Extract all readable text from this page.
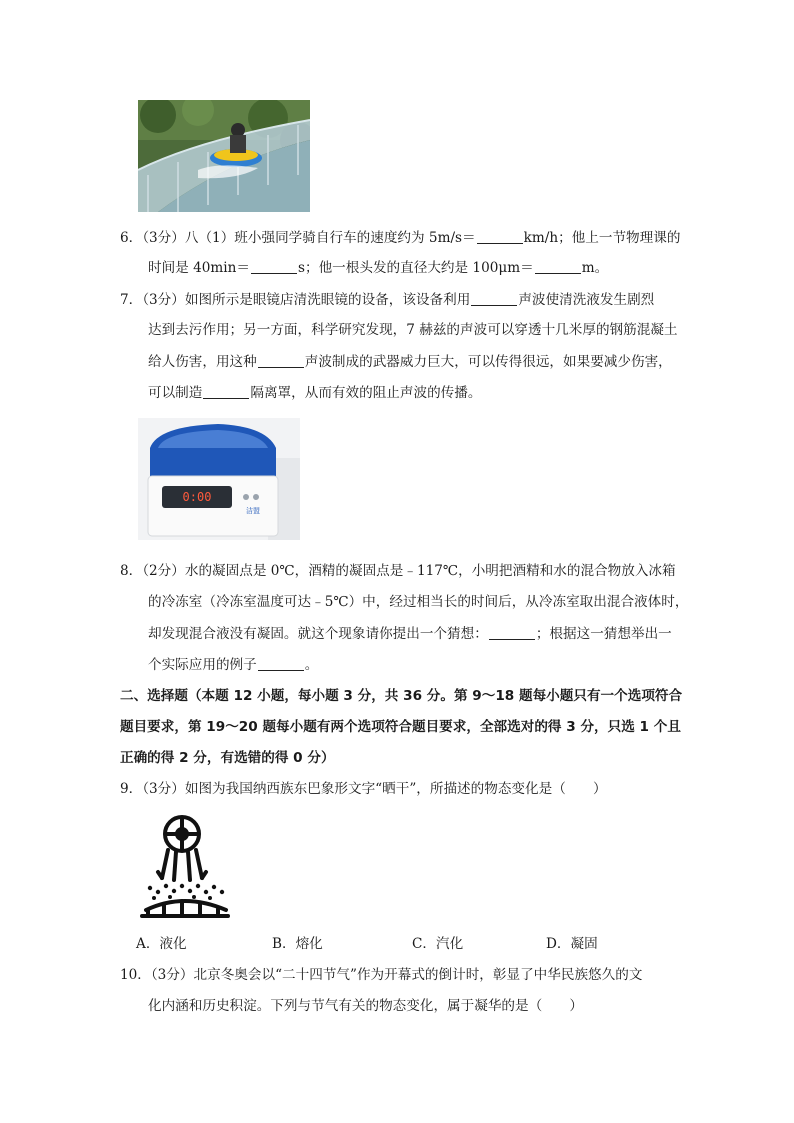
6．（3分）八（1）班小强同学骑自行车的速度约为 5m/s＝	km/h；他上一节物理课的
时间是 40min＝	s；他一根头发的直径大约是 100μm＝	m。
7．（3分）如图所示是眼镜店清洗眼镜的设备，该设备利用	声波使清洗液发生剧烈
达到去污作用；另一方面，科学研究发现，7 赫兹的声波可以穿透十几米厚的钢筋混凝土
给人伤害，用这种	声波制成的武器威力巨大，可以传得很远，如果要减少伤害，
可以制造	隔离罩，从而有效的阻止声波的传播。
0:00
洁盟
8．（2分）水的凝固点是 0℃，酒精的凝固点是﹣117℃，小明把酒精和水的混合物放入冰箱
的冷冻室（冷冻室温度可达﹣5℃）中，经过相当长的时间后，从冷冻室取出混合液体时，
却发现混合液没有凝固。就这个现象请你提出一个猜想：	；根据这一猜想举出一
个实际应用的例子	。
二、选择题（本题 12 小题，每小题 3 分，共 36 分。第 9～18 题每小题只有一个选项符合
题目要求，第 19～20 题每小题有两个选项符合题目要求，全部选对的得 3 分，只选 1 个且
正确的得 2 分，有选错的得 0 分）
9．（3分）如图为我国纳西族东巴象形文字“晒干”，所描述的物态变化是（　　）
A．液化	B．熔化	C．汽化	D．凝固
10．（3分）北京冬奥会以“二十四节气”作为开幕式的倒计时，彰显了中华民族悠久的文
化内涵和历史积淀。下列与节气有关的物态变化，属于凝华的是（　　）
